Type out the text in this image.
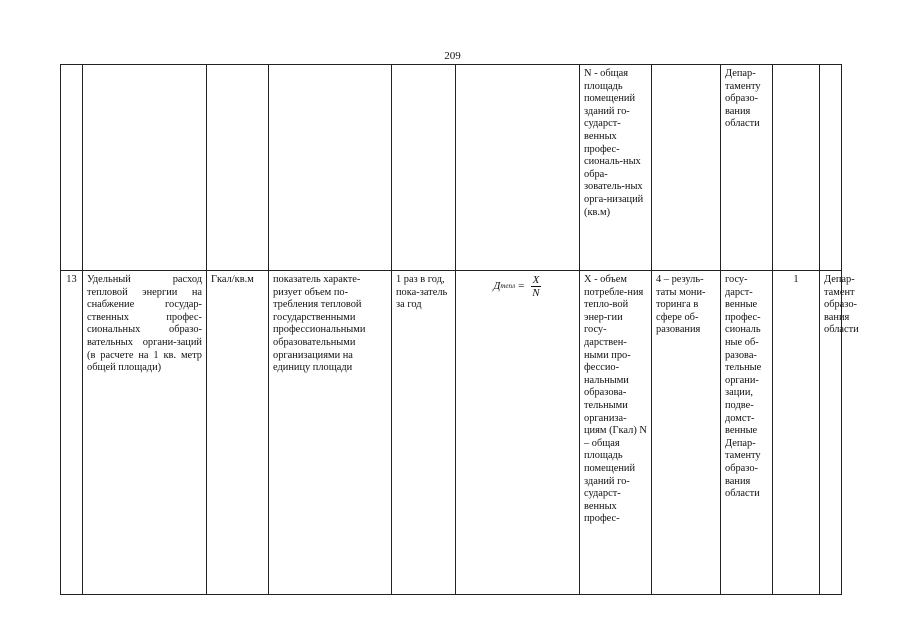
209
						N - общая площадь помещений зданий го-сударст-венных профес-сиональ-ных обра-зователь-ных орга-низаций (кв.м)		Депар-таменту образо-вания области		
13	Удельный расход тепловой энергии на снабжение государ-ственных профес-сиональных образо-вательных органи-заций (в расчете на 1 кв. метр общей площади)	Гкал/кв.м	показатель характе-ризует объем по-требления тепловой государственными профессиональными образовательными организациями на единицу площади	1 раз в год, пока-затель за год	Д тепл = $\frac{X}{N}$	X - объем потребле-ния тепло-вой энер-гии госу-дарствен-ными про-фессио-нальными образова-тельными организа-циям (Гкал) N – общая площадь помещений зданий го-сударст-венных профес-	4 – резуль-таты мони-торинга в сфере об-разования	госу-дарст-венные профес-сиональ ные об-разова-тельные органи-зации, подве-домст-венные Депар-таменту образо-вания области	1	Депар-тамент образо-вания области
